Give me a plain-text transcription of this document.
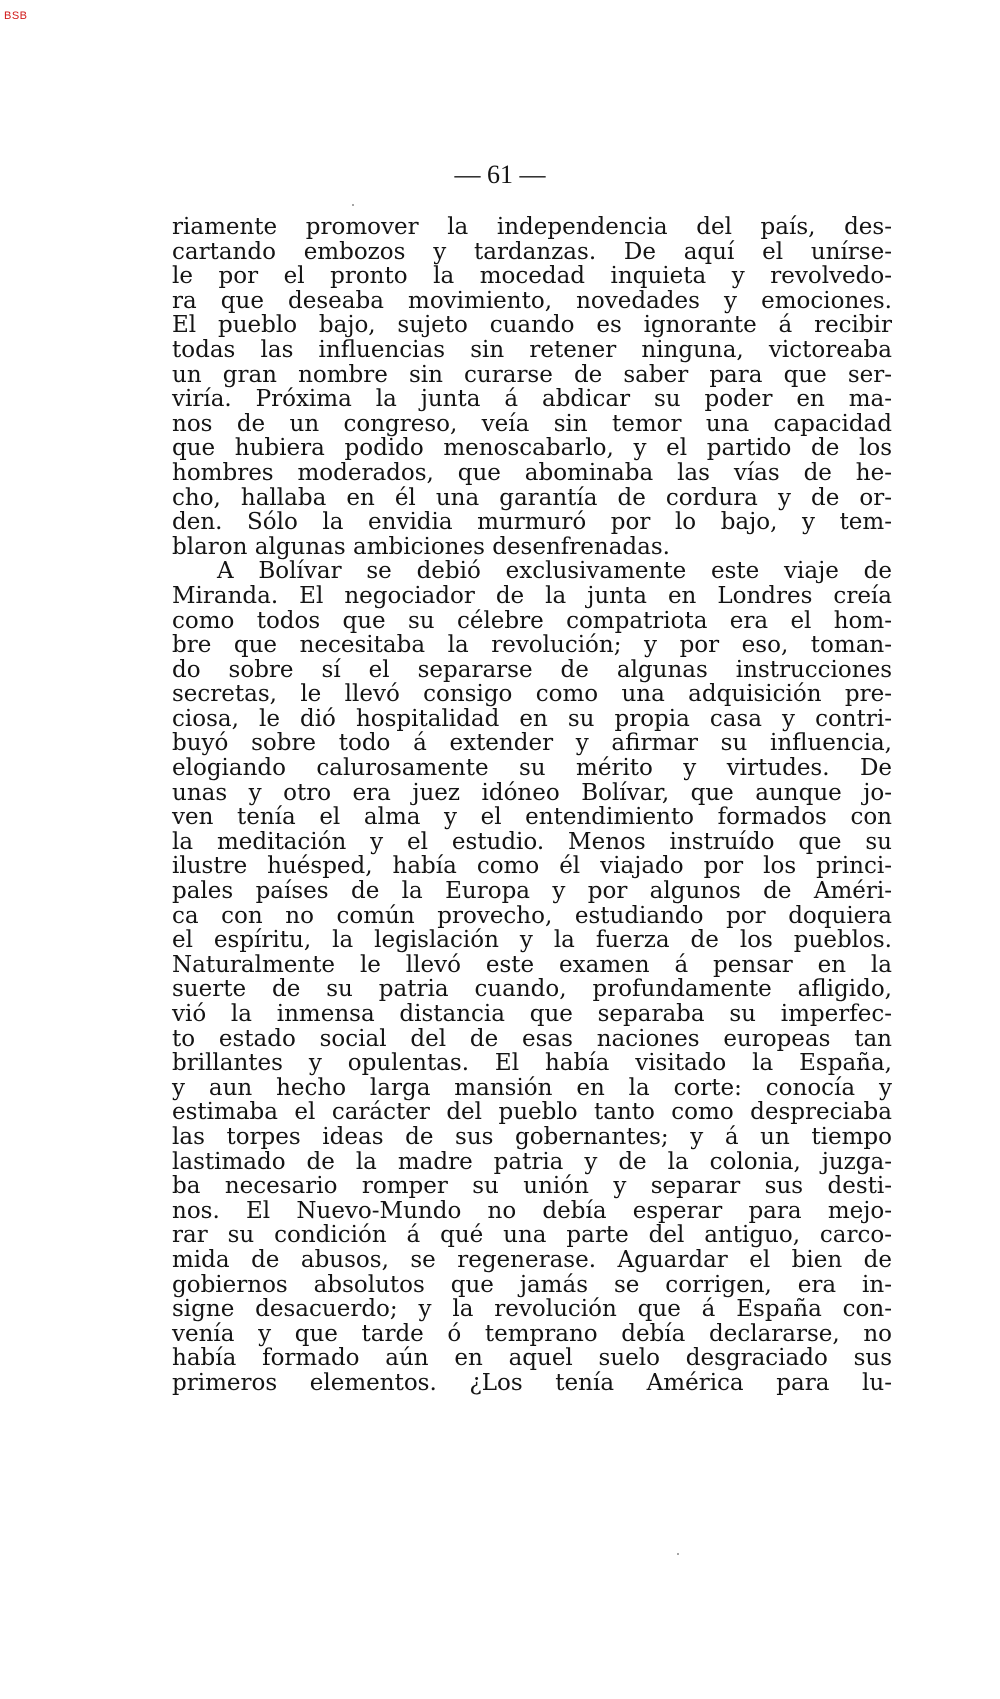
BSB
— 61 —
riamente promover la independencia del país, des-
cartando embozos y tardanzas. De aquí el unírse-
le por el pronto la mocedad inquieta y revolvedo-
ra que deseaba movimiento, novedades y emociones.
El pueblo bajo, sujeto cuando es ignorante á recibir
todas las influencias sin retener ninguna, victoreaba
un gran nombre sin curarse de saber para que ser-
viría. Próxima la junta á abdicar su poder en ma-
nos de un congreso, veía sin temor una capacidad
que hubiera podido menoscabarlo, y el partido de los
hombres moderados, que abominaba las vías de he-
cho, hallaba en él una garantía de cordura y de or-
den. Sólo la envidia murmuró por lo bajo, y tem-
blaron algunas ambiciones desenfrenadas.
A Bolívar se debió exclusivamente este viaje de
Miranda. El negociador de la junta en Londres creía
como todos que su célebre compatriota era el hom-
bre que necesitaba la revolución; y por eso, toman-
do sobre sí el separarse de algunas instrucciones
secretas, le llevó consigo como una adquisición pre-
ciosa, le dió hospitalidad en su propia casa y contri-
buyó sobre todo á extender y afirmar su influencia,
elogiando calurosamente su mérito y virtudes. De
unas y otro era juez idóneo Bolívar, que aunque jo-
ven tenía el alma y el entendimiento formados con
la meditación y el estudio. Menos instruído que su
ilustre huésped, había como él viajado por los princi-
pales países de la Europa y por algunos de Améri-
ca con no común provecho, estudiando por doquiera
el espíritu, la legislación y la fuerza de los pueblos.
Naturalmente le llevó este examen á pensar en la
suerte de su patria cuando, profundamente afligido,
vió la inmensa distancia que separaba su imperfec-
to estado social del de esas naciones europeas tan
brillantes y opulentas. El había visitado la España,
y aun hecho larga mansión en la corte: conocía y
estimaba el carácter del pueblo tanto como despreciaba
las torpes ideas de sus gobernantes; y á un tiempo
lastimado de la madre patria y de la colonia, juzga-
ba necesario romper su unión y separar sus desti-
nos. El Nuevo-Mundo no debía esperar para mejo-
rar su condición á qué una parte del antiguo, carco-
mida de abusos, se regenerase. Aguardar el bien de
gobiernos absolutos que jamás se corrigen, era in-
signe desacuerdo; y la revolución que á España con-
venía y que tarde ó temprano debía declararse, no
había formado aún en aquel suelo desgraciado sus
primeros elementos. ¿Los tenía América para lu-
